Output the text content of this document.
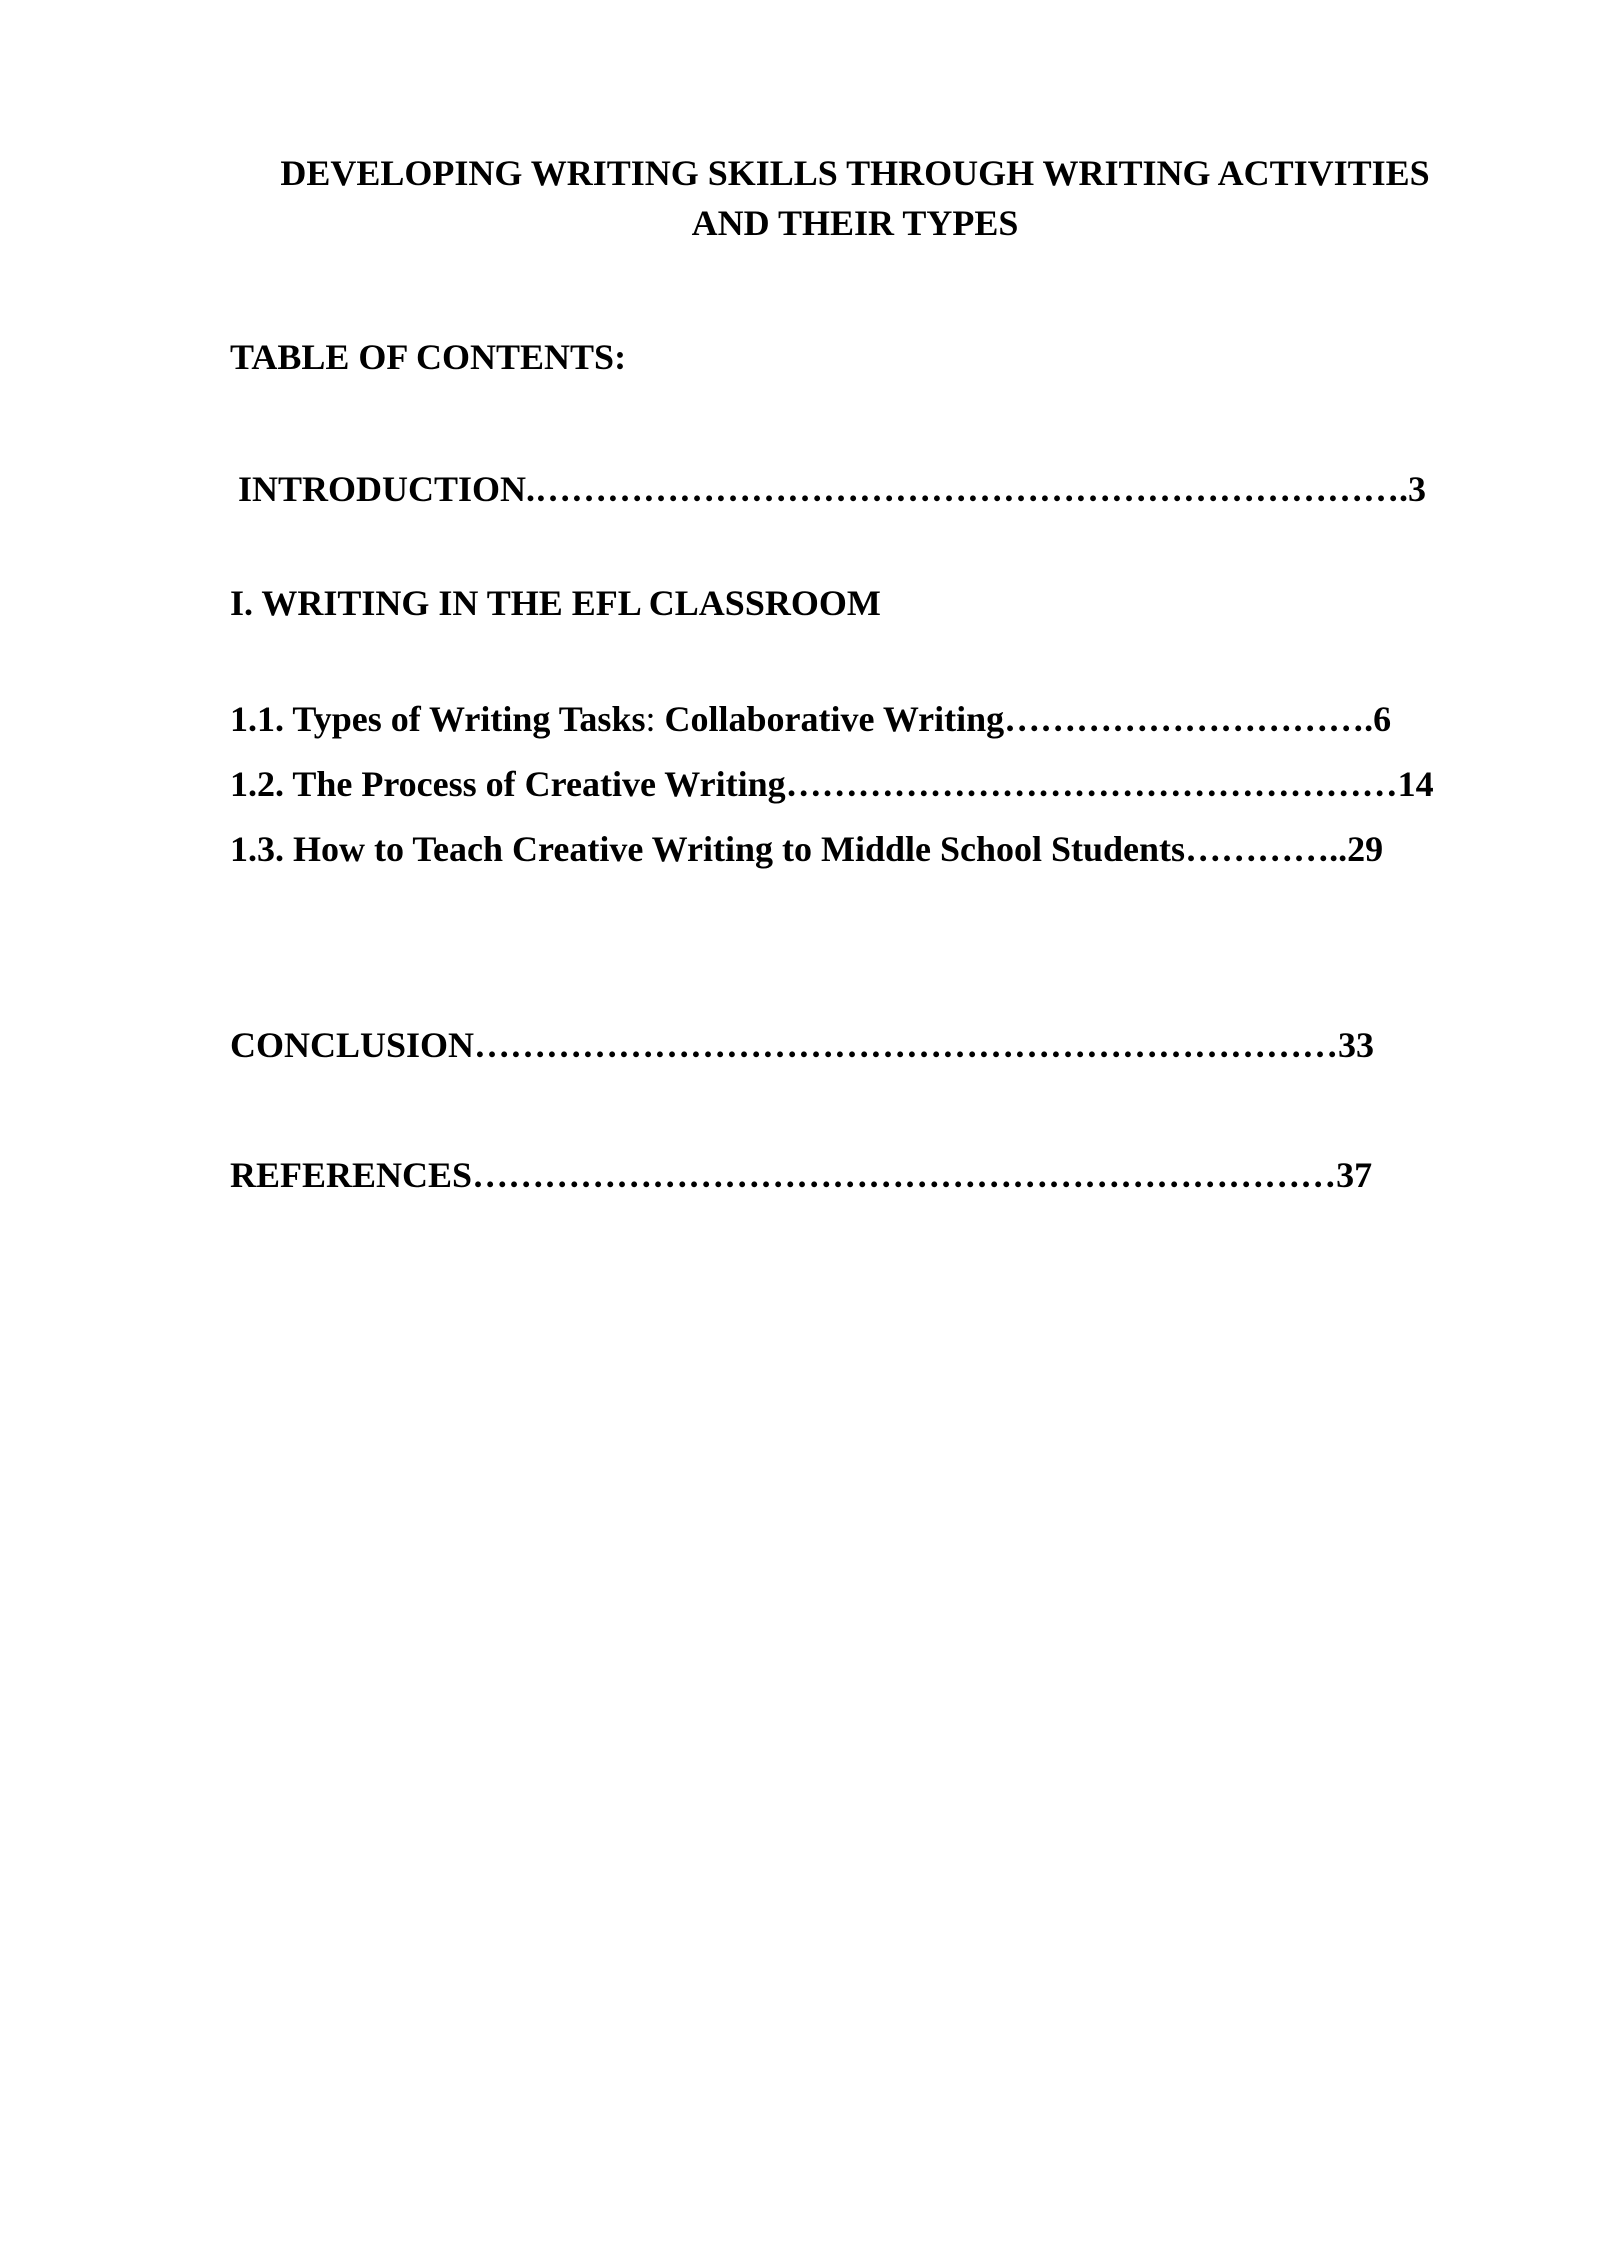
DEVELOPING WRITING SKILLS THROUGH WRITING ACTIVITIES
AND THEIR TYPES
TABLE OF CONTENTS:
INTRODUCTION.……………………………………………………………….3
I. WRITING IN THE EFL CLASSROOM
1.1. Types of Writing Tasks: Collaborative Writing………………………….6
1.2. The Process of Creative Writing……………………………………………14
1.3. How to Teach Creative Writing to Middle School Students…………..29
CONCLUSION………………………………………………………………33
REFERENCES………………………………………………………………37
